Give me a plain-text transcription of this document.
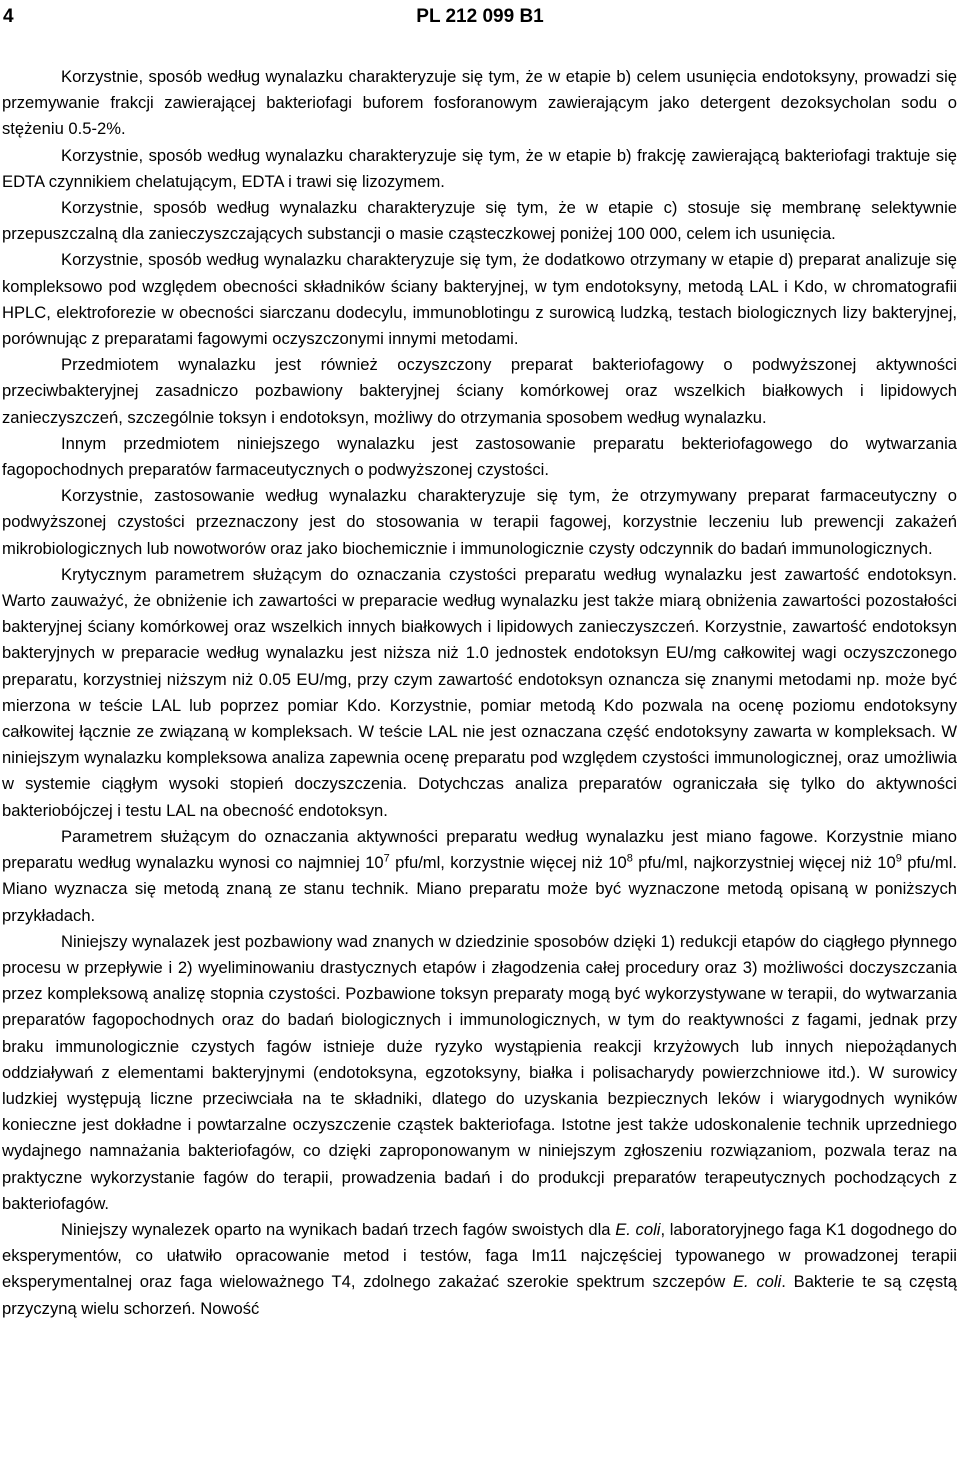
4	PL 212 099 B1

Korzystnie, sposób według wynalazku charakteryzuje się tym, że w etapie b) celem usunięcia endotoksyny, prowadzi się przemywanie frakcji zawierającej bakteriofagi buforem fosforanowym zawierającym jako detergent dezoksycholan sodu o stężeniu 0.5-2%.

Korzystnie, sposób według wynalazku charakteryzuje się tym, że w etapie b) frakcję zawierającą bakteriofagi traktuje się EDTA czynnikiem chelatującym, EDTA i trawi się lizozymem.

Korzystnie, sposób według wynalazku charakteryzuje się tym, że w etapie c) stosuje się membranę selektywnie przepuszczalną dla zanieczyszczających substancji o masie cząsteczkowej poniżej 100 000, celem ich usunięcia.

Korzystnie, sposób według wynalazku charakteryzuje się tym, że dodatkowo otrzymany w etapie d) preparat analizuje się kompleksowo pod względem obecności składników ściany bakteryjnej, w tym endotoksyny, metodą LAL i Kdo, w chromatografii HPLC, elektroforezie w obecności siarczanu dodecylu, immunoblotingu z surowicą ludzką, testach biologicznych lizy bakteryjnej, porównując z preparatami fagowymi oczyszczonymi innymi metodami.

Przedmiotem wynalazku jest również oczyszczony preparat bakteriofagowy o podwyższonej aktywności przeciwbakteryjnej zasadniczo pozbawiony bakteryjnej ściany komórkowej oraz wszelkich białkowych i lipidowych zanieczyszczeń, szczególnie toksyn i endotoksyn, możliwy do otrzymania sposobem według wynalazku.

Innym przedmiotem niniejszego wynalazku jest zastosowanie preparatu bekteriofagowego do wytwarzania fagopochodnych preparatów farmaceutycznych o podwyższonej czystości.

Korzystnie, zastosowanie według wynalazku charakteryzuje się tym, że otrzymywany preparat farmaceutyczny o podwyższonej czystości przeznaczony jest do stosowania w terapii fagowej, korzystnie leczeniu lub prewencji zakażeń mikrobiologicznych lub nowotworów oraz jako biochemicznie i immunologicznie czysty odczynnik do badań immunologicznych.

Krytycznym parametrem służącym do oznaczania czystości preparatu według wynalazku jest zawartość endotoksyn. Warto zauważyć, że obniżenie ich zawartości w preparacie według wynalazku jest także miarą obniżenia zawartości pozostałości bakteryjnej ściany komórkowej oraz wszelkich innych białkowych i lipidowych zanieczyszczeń. Korzystnie, zawartość endotoksyn bakteryjnych w preparacie według wynalazku jest niższa niż 1.0 jednostek endotoksyn EU/mg całkowitej wagi oczyszczonego preparatu, korzystniej niższym niż 0.05 EU/mg, przy czym zawartość endotoksyn oznancza się znanymi metodami np. może być mierzona w teście LAL lub poprzez pomiar Kdo. Korzystnie, pomiar metodą Kdo pozwala na ocenę poziomu endotoksyny całkowitej łącznie ze związaną w kompleksach. W teście LAL nie jest oznaczana część endotoksyny zawarta w kompleksach. W niniejszym wynalazku kompleksowa analiza zapewnia ocenę preparatu pod względem czystości immunologicznej, oraz umożliwia w systemie ciągłym wysoki stopień doczyszczenia. Dotychczas analiza preparatów ograniczała się tylko do aktywności bakteriobójczej i testu LAL na obecność endotoksyn.

Parametrem służącym do oznaczania aktywności preparatu według wynalazku jest miano fagowe. Korzystnie miano preparatu według wynalazku wynosi co najmniej $10^7$ pfu/ml, korzystnie więcej niż $10^8$ pfu/ml, najkorzystniej więcej niż $10^9$ pfu/ml. Miano wyznacza się metodą znaną ze stanu technik. Miano preparatu może być wyznaczone metodą opisaną w poniższych przykładach.

Niniejszy wynalazek jest pozbawiony wad znanych w dziedzinie sposobów dzięki 1) redukcji etapów do ciągłego płynnego procesu w przepływie i 2) wyeliminowaniu drastycznych etapów i złagodzenia całej procedury oraz 3) możliwości doczyszczania przez kompleksową analizę stopnia czystości. Pozbawione toksyn preparaty mogą być wykorzystywane w terapii, do wytwarzania preparatów fagopochodnych oraz do badań biologicznych i immunologicznych, w tym do reaktywności z fagami, jednak przy braku immunologicznie czystych fagów istnieje duże ryzyko wystąpienia reakcji krzyżowych lub innych niepożądanych oddziaływań z elementami bakteryjnymi (endotoksyna, egzotoksyny, białka i polisacharydy powierzchniowe itd.). W surowicy ludzkiej występują liczne przeciwciała na te składniki, dlatego do uzyskania bezpiecznych leków i wiarygodnych wyników konieczne jest dokładne i powtarzalne oczyszczenie cząstek bakteriofaga. Istotne jest także udoskonalenie technik uprzedniego wydajnego namnażania bakteriofagów, co dzięki zaproponowanym w niniejszym zgłoszeniu rozwiązaniom, pozwala teraz na praktyczne wykorzystanie fagów do terapii, prowadzenia badań i do produkcji preparatów terapeutycznych pochodzących z bakteriofagów.

Niniejszy wynalezek oparto na wynikach badań trzech fagów swoistych dla E. coli, laboratoryjnego faga K1 dogodnego do eksperymentów, co ułatwiło opracowanie metod i testów, faga Im11 najczęściej typowanego w prowadzonej terapii eksperymentalnej oraz faga wieloważnego T4, zdolnego zakażać szerokie spektrum szczepów E. coli. Bakterie te są częstą przyczyną wielu schorzeń. Nowość
